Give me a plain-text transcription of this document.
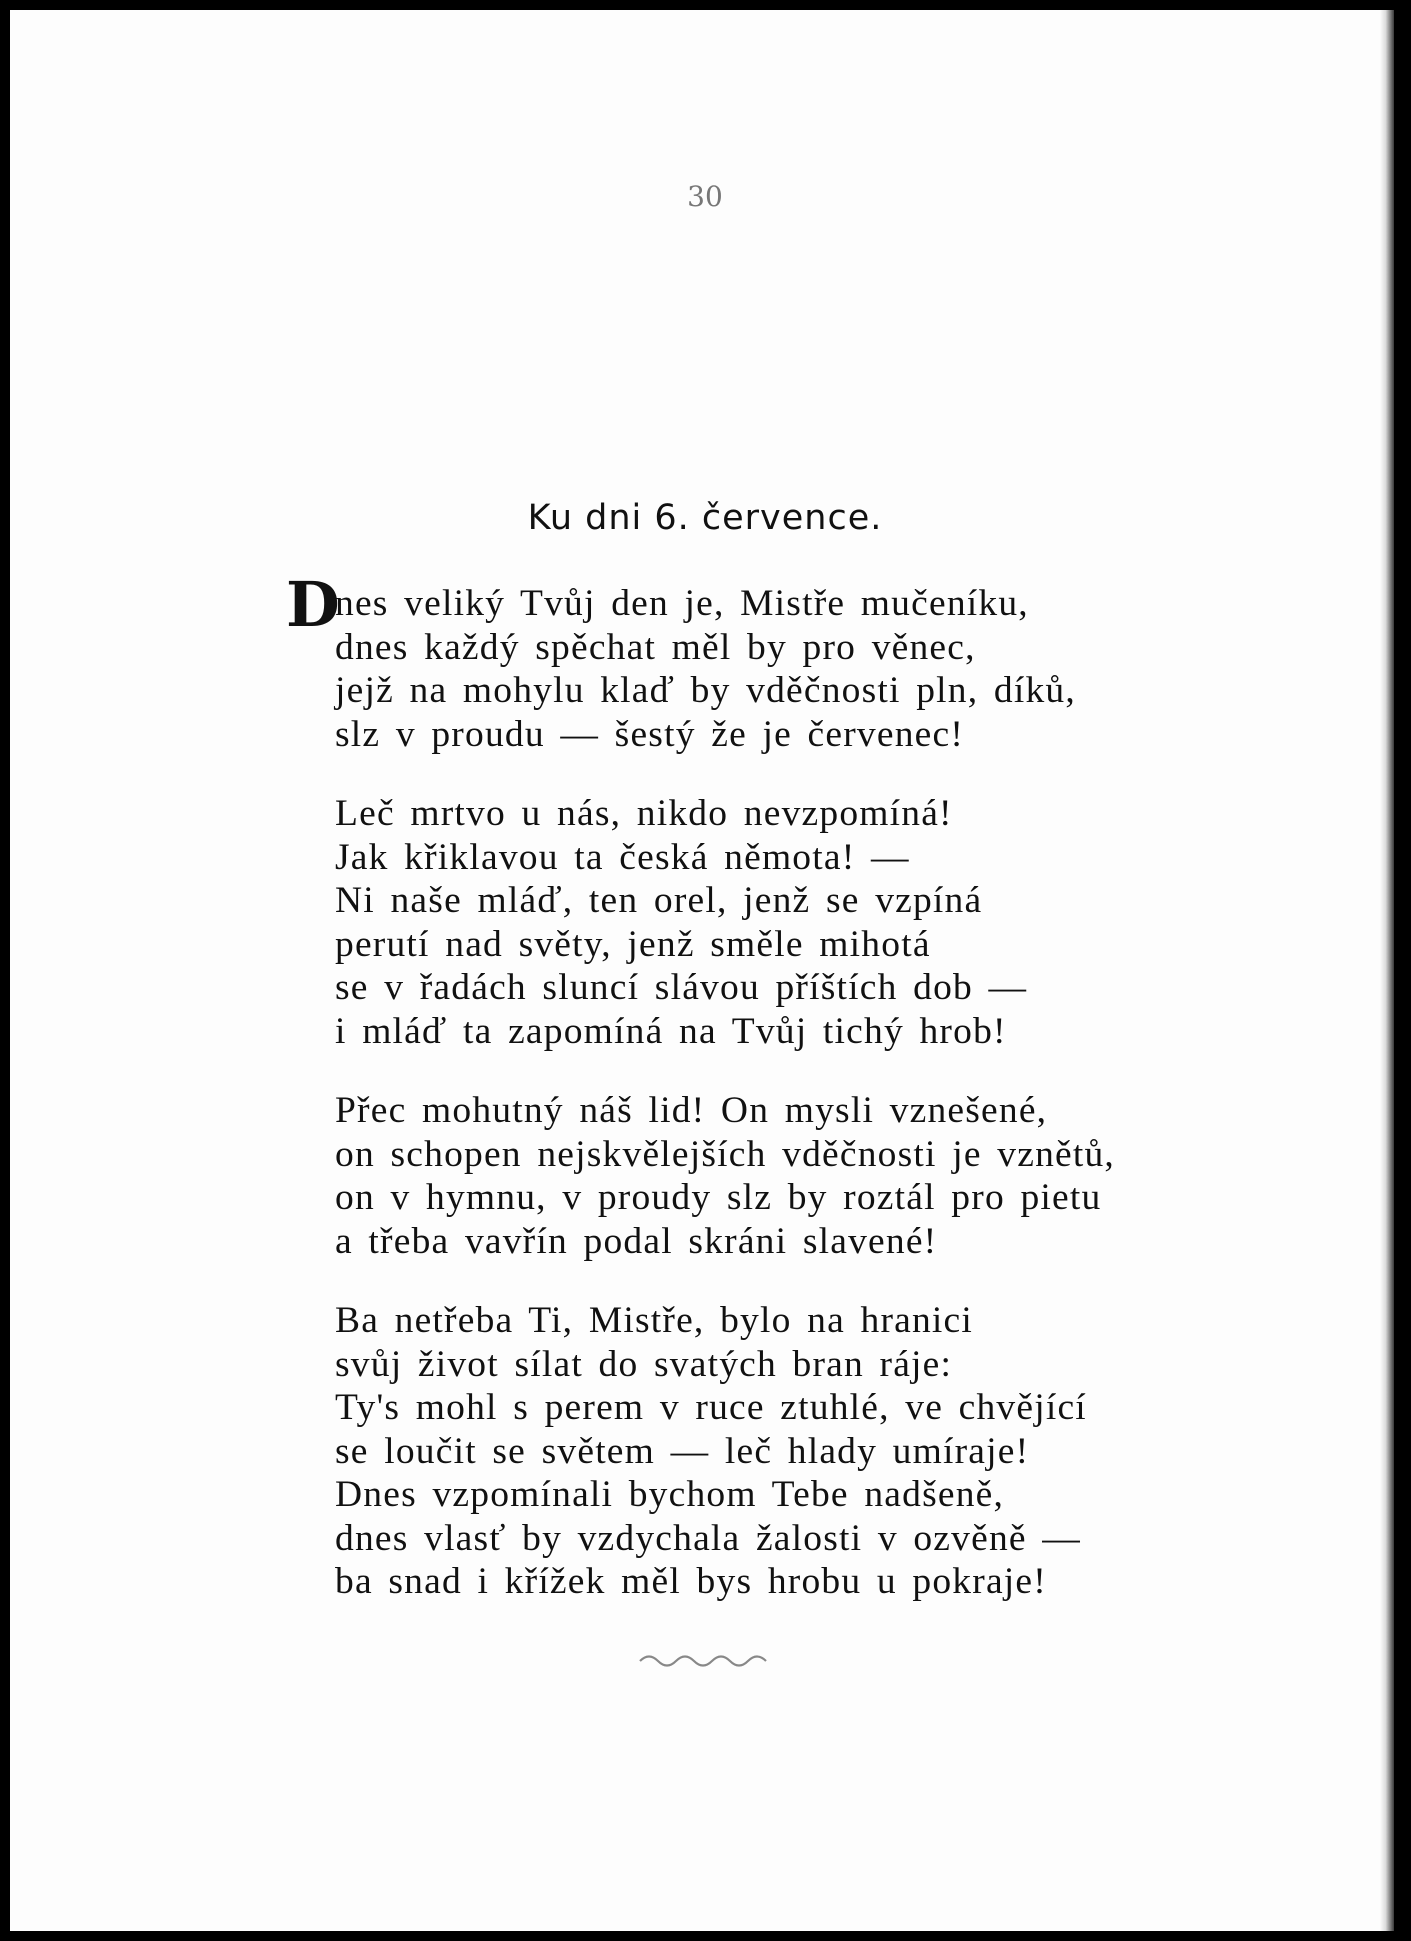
30
Ku dni 6. července.
D
nes veliký Tvůj den je, Mistře mučeníku,
dnes každý spěchat měl by pro věnec,
jejž na mohylu klaď by vděčnosti pln, díků,
slz v proudu — šestý že je červenec!
Leč mrtvo u nás, nikdo nevzpomíná!
Jak křiklavou ta česká němota! —
Ni naše mláď, ten orel, jenž se vzpíná
perutí nad světy, jenž směle mihotá
se v řadách sluncí slávou příštích dob —
i mláď ta zapomíná na Tvůj tichý hrob!
Přec mohutný náš lid! On mysli vznešené,
on schopen nejskvělejších vděčnosti je vznětů,
on v hymnu, v proudy slz by roztál pro pietu
a třeba vavřín podal skráni slavené!
Ba netřeba Ti, Mistře, bylo na hranici
svůj život sílat do svatých bran ráje:
Ty's mohl s perem v ruce ztuhlé, ve chvějící
se loučit se světem — leč hlady umíraje!
Dnes vzpomínali bychom Tebe nadšeně,
dnes vlasť by vzdychala žalosti v ozvěně —
ba snad i křížek měl bys hrobu u pokraje!
